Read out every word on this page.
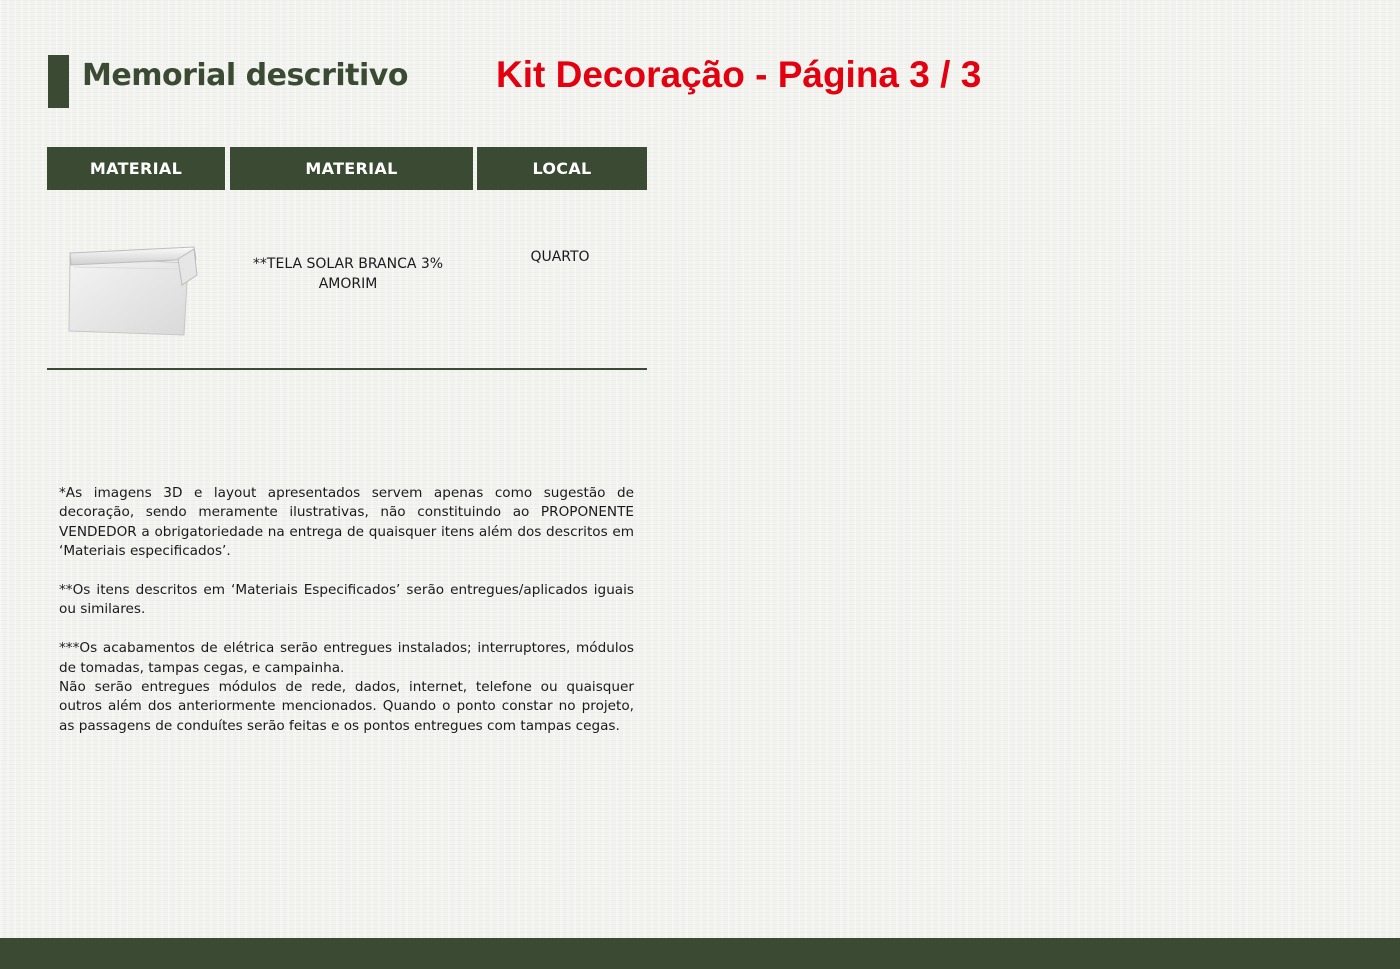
Memorial descritivo Kit Decoração - Página 3 / 3
MATERIAL	MATERIAL	LOCAL
**TELA SOLAR BRANCA 3%
AMORIM
QUARTO

*As imagens 3D e layout apresentados servem apenas como sugestão de decoração, sendo meramente ilustrativas, não constituindo ao PROPONENTE VENDEDOR a obrigatoriedade na entrega de quaisquer itens além dos descritos em ‘Materiais especificados’.

**Os itens descritos em ‘Materiais Especificados’ serão entregues/aplicados iguais ou similares.

***Os acabamentos de elétrica serão entregues instalados; interruptores, módulos de tomadas, tampas cegas, e campainha.

Não serão entregues módulos de rede, dados, internet, telefone ou quaisquer outros além dos anteriormente mencionados. Quando o ponto constar no projeto, as passagens de conduítes serão feitas e os pontos entregues com tampas cegas.
